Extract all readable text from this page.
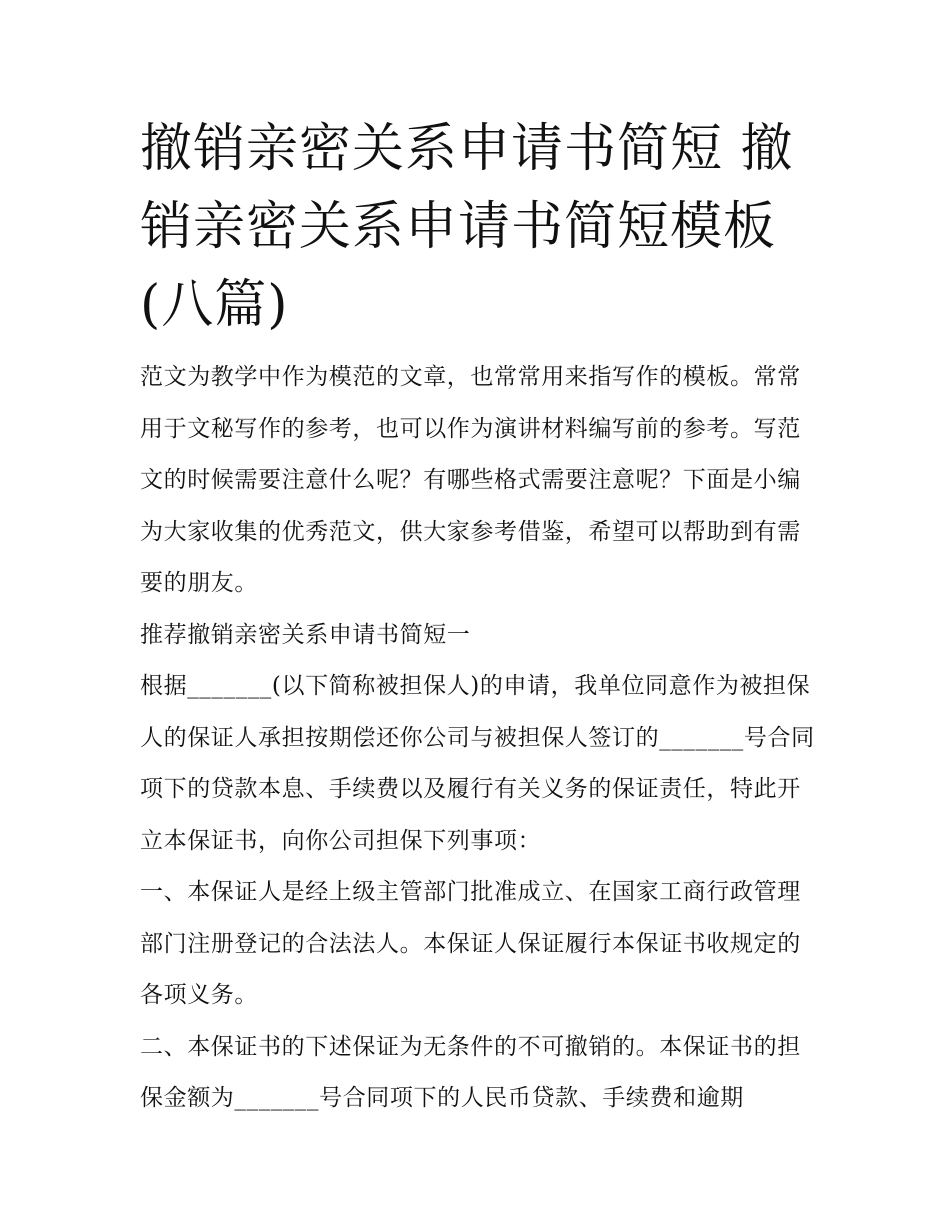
撤销亲密关系申请书简短 撤销亲密关系申请书简短模板(八篇)

范文为教学中作为模范的文章，也常常用来指写作的模板。常常用于文秘写作的参考，也可以作为演讲材料编写前的参考。写范文的时候需要注意什么呢？有哪些格式需要注意呢？下面是小编为大家收集的优秀范文，供大家参考借鉴，希望可以帮助到有需要的朋友。

推荐撤销亲密关系申请书简短一

根据_______(以下简称被担保人)的申请，我单位同意作为被担保人的保证人承担按期偿还你公司与被担保人签订的_______号合同项下的贷款本息、手续费以及履行有关义务的保证责任，特此开立本保证书，向你公司担保下列事项：

一、本保证人是经上级主管部门批准成立、在国家工商行政管理部门注册登记的合法法人。本保证人保证履行本保证书收规定的各项义务。

二、本保证书的下述保证为无条件的不可撤销的。本保证书的担保金额为_______号合同项下的人民币贷款、手续费和逾期
